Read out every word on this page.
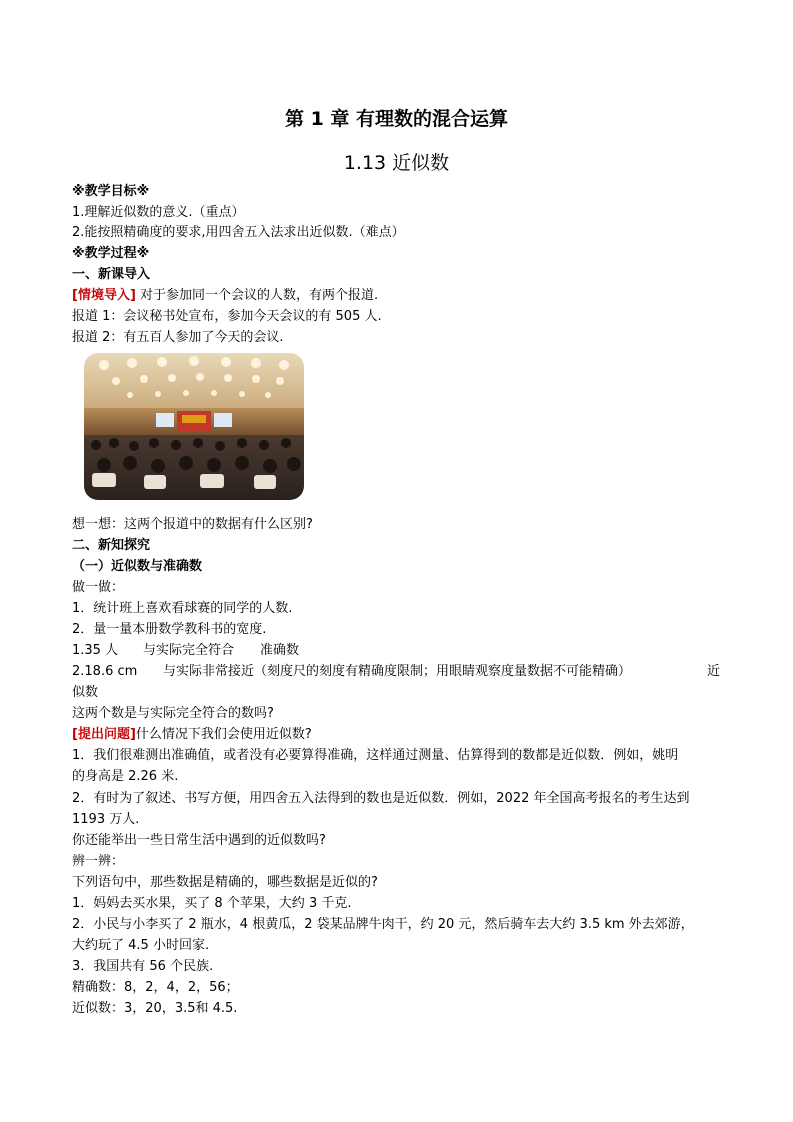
第 1 章 有理数的混合运算
1.13 近似数
※教学目标※
1.理解近似数的意义.（重点）
2.能按照精确度的要求,用四舍五入法求出近似数.（难点）
※教学过程※
一、新课导入
[情境导入] 对于参加同一个会议的人数，有两个报道.
报道 1：会议秘书处宣布，参加今天会议的有 505 人.
报道 2：有五百人参加了今天的会议.
想一想：这两个报道中的数据有什么区别?
二、新知探究
（一）近似数与准确数
做一做：
1．统计班上喜欢看球赛的同学的人数.
2．量一量本册数学教科书的宽度.
1.35 人 与实际完全符合 准确数
2.18.6 cm 与实际非常接近（刻度尺的刻度有精确度限制；用眼睛观察度量数据不可能精确）	近
似数
这两个数是与实际完全符合的数吗?
[提出问题]什么情况下我们会使用近似数?
1．我们很难测出准确值，或者没有必要算得准确，这样通过测量、估算得到的数都是近似数．例如，姚明
的身高是 2.26 米.
2．有时为了叙述、书写方便，用四舍五入法得到的数也是近似数．例如，2022 年全国高考报名的考生达到
1193 万人.
你还能举出一些日常生活中遇到的近似数吗?
辨一辨：
下列语句中，那些数据是精确的，哪些数据是近似的?
1．妈妈去买水果，买了 8 个苹果，大约 3 千克.
2．小民与小李买了 2 瓶水，4 根黄瓜，2 袋某品牌牛肉干，约 20 元，然后骑车去大约 3.5 km 外去郊游，
大约玩了 4.5 小时回家.
3．我国共有 56 个民族.
精确数：8，2，4，2，56；
近似数：3，20，3.5和 4.5.
